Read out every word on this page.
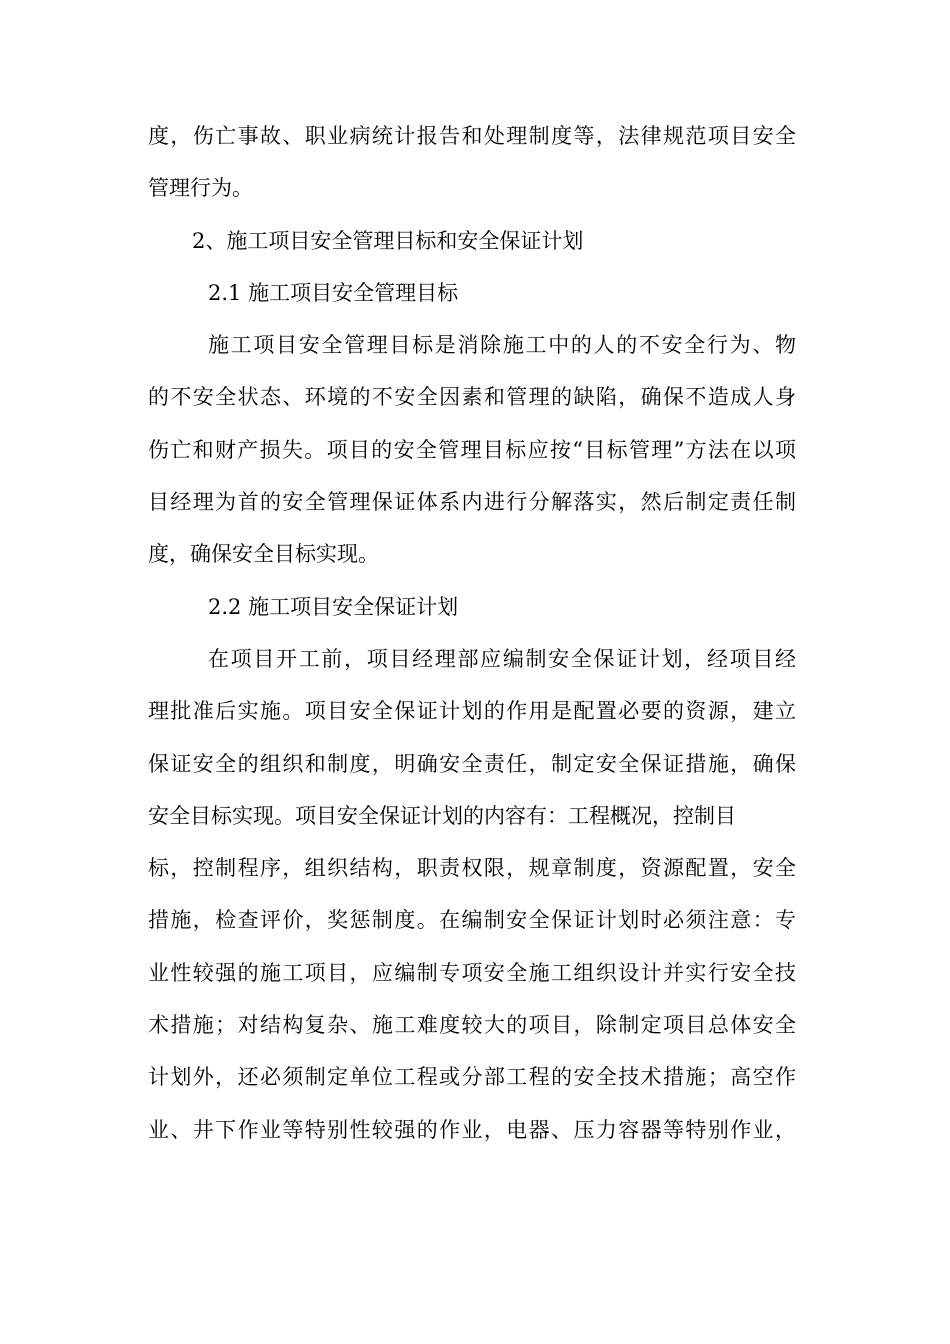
度，伤亡事故、职业病统计报告和处理制度等，法律规范项目安全
管理行为。
2、施工项目安全管理目标和安全保证计划
2.1 施工项目安全管理目标
施工项目安全管理目标是消除施工中的人的不安全行为、物
的不安全状态、环境的不安全因素和管理的缺陷，确保不造成人身
伤亡和财产损失。项目的安全管理目标应按“目标管理”方法在以项
目经理为首的安全管理保证体系内进行分解落实，然后制定责任制
度，确保安全目标实现。
2.2 施工项目安全保证计划
在项目开工前，项目经理部应编制安全保证计划，经项目经
理批准后实施。项目安全保证计划的作用是配置必要的资源，建立
保证安全的组织和制度，明确安全责任，制定安全保证措施，确保
安全目标实现。项目安全保证计划的内容有：工程概况，控制目
标，控制程序，组织结构，职责权限，规章制度，资源配置，安全
措施，检查评价，奖惩制度。在编制安全保证计划时必须注意：专
业性较强的施工项目，应编制专项安全施工组织设计并实行安全技
术措施；对结构复杂、施工难度较大的项目，除制定项目总体安全
计划外，还必须制定单位工程或分部工程的安全技术措施；高空作
业、井下作业等特别性较强的作业，电器、压力容器等特别作业，
